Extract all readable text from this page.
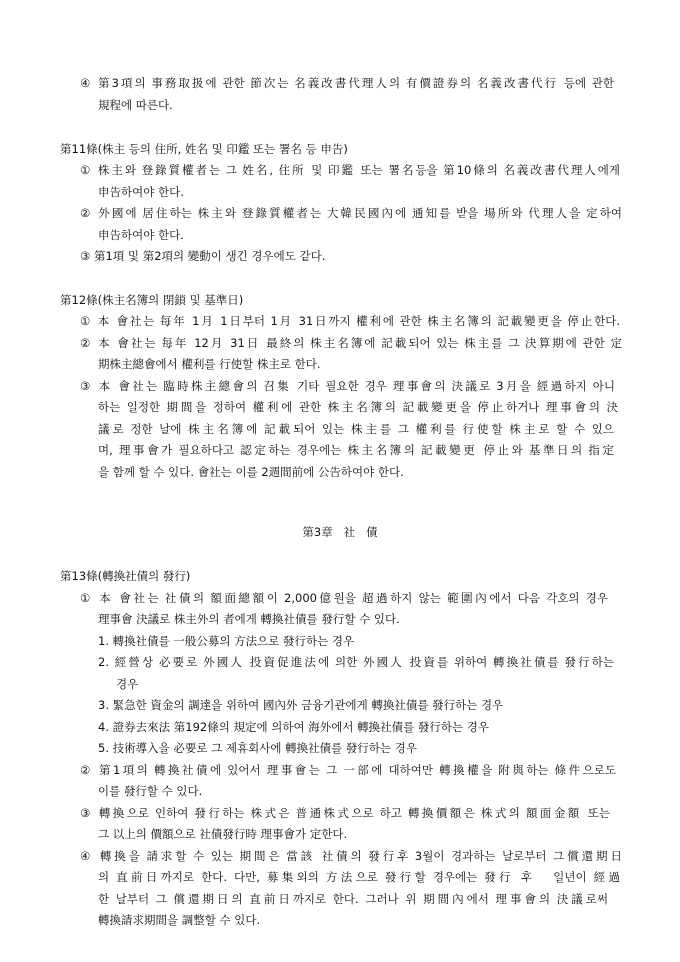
④ 第3項의 事務取扱에 관한 節次는 名義改書代理人의 有價證券의 名義改書代行 등에 관한
規程에 따른다.
第11條(株主 등의 住所, 姓名 및 印鑑 또는 署名 등 申告)
① 株主와 登錄質權者는 그 姓名, 住所 및 印鑑 또는 署名등을 第10條의 名義改書代理人에게
申告하여야 한다.
② 外國에 居住하는 株主와 登錄質權者는 大韓民國內에 通知를 받을 場所와 代理人을 定하여
申告하여야 한다.
③ 第1項 및 第2項의 變動이 생긴 경우에도 같다.
第12條(株主名簿의 閉鎖 및 基準日)
① 本 會社는 每年 1月 1日부터 1月 31日까지 權利에 관한 株主名簿의 記載變更을 停止한다.
② 本 會社는 每年 12月 31日 最終의 株主名簿에 記載되어 있는 株主를 그 決算期에 관한 定
期株主總會에서 權利를 行使할 株主로 한다.
③ 本 會社는 臨時株主總會의 召集 기타 필요한 경우 理事會의 決議로 3月을 經過하지 아니
하는 일정한 期間을 정하여 權利에 관한 株主名簿의 記載變更을 停止하거나 理事會의 決
議로 정한 날에 株主名簿에 記載되어 있는 株主를 그 權利를 行使할 株主로 할 수 있으
며, 理事會가 필요하다고 認定하는 경우에는 株主名簿의 記載變更 停止와 基準日의 指定
을 함께 할 수 있다. 會社는 이를 2週間前에 公告하여야 한다.
第3章   社   債
第13條(轉換社債의 發行)
① 本 會社는 社債의 額面總額이 2,000億원을 超過하지 않는 範圍內에서 다음 각호의 경우
理事會 決議로 株主外의 者에게 轉換社債를 發行할 수 있다.
1. 轉換社債를 一般公募의 方法으로 發行하는 경우
2. 經營상 必要로 外國人 投資促進法에 의한 外國人 投資를 위하여 轉換社債를 發行하는
경우
3. 緊急한 資金의 調達을 위하여 國內外 금융기관에게 轉換社債를 發行하는 경우
4. 證券去來法 第192條의 規定에 의하여 海外에서 轉換社債를 發行하는 경우
5. 技術導入을 必要로 그 제휴회사에 轉換社債를 發行하는 경우
② 第1項의 轉換社債에 있어서 理事會는 그 一部에 대하여만 轉換權을 附與하는 條件으로도
이를 發行할 수 있다.
③ 轉換으로 인하여 發行하는 株式은 普通株式으로 하고 轉換價額은 株式의 額面金額 또는
그 以上의 價額으로 社債發行時 理事會가 定한다.
④ 轉換을 請求할 수 있는 期間은 當該 社債의 發行후 3월이 경과하는 날로부터 그償還期日
의 直前日까지로 한다. 다만, 募集외의 方法으로 發行할 경우에는 發行 후   일년이 經過
한 날부터 그 償還期日의 直前日까지로 한다. 그러나 위 期間內에서 理事會의 決議로써
轉換請求期間을 調整할 수 있다.
